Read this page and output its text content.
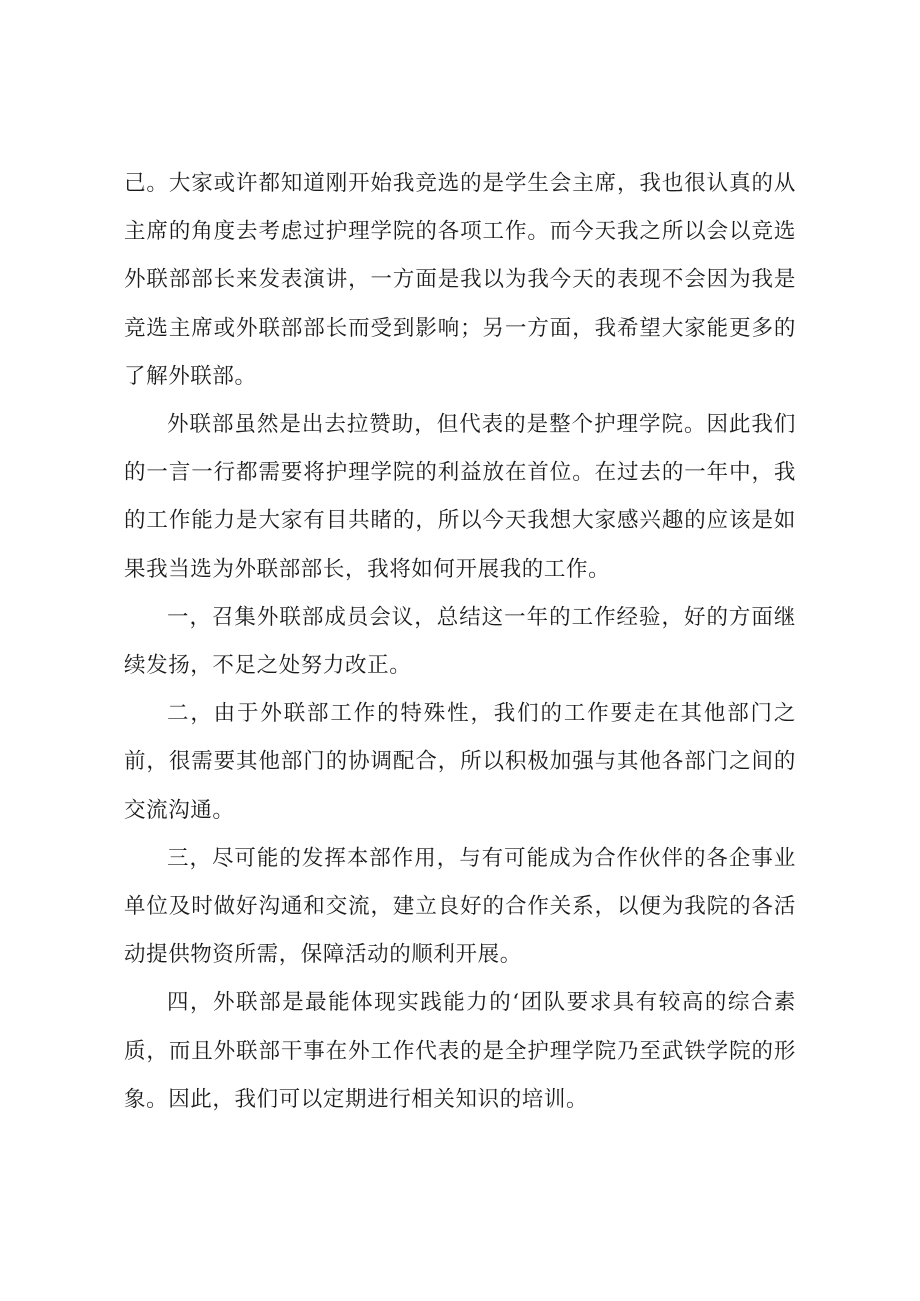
己。大家或许都知道刚开始我竞选的是学生会主席，我也很认真的从主席的角度去考虑过护理学院的各项工作。而今天我之所以会以竞选外联部部长来发表演讲，一方面是我以为我今天的表现不会因为我是竞选主席或外联部部长而受到影响；另一方面，我希望大家能更多的了解外联部。

外联部虽然是出去拉赞助，但代表的是整个护理学院。因此我们的一言一行都需要将护理学院的利益放在首位。在过去的一年中，我的工作能力是大家有目共睹的，所以今天我想大家感兴趣的应该是如果我当选为外联部部长，我将如何开展我的工作。

一，召集外联部成员会议，总结这一年的工作经验，好的方面继续发扬，不足之处努力改正。

二，由于外联部工作的特殊性，我们的工作要走在其他部门之前，很需要其他部门的协调配合，所以积极加强与其他各部门之间的交流沟通。

三，尽可能的发挥本部作用，与有可能成为合作伙伴的各企事业单位及时做好沟通和交流，建立良好的合作关系，以便为我院的各活动提供物资所需，保障活动的顺利开展。

四，外联部是最能体现实践能力的‘团队要求具有较高的综合素质，而且外联部干事在外工作代表的是全护理学院乃至武铁学院的形象。因此，我们可以定期进行相关知识的培训。
